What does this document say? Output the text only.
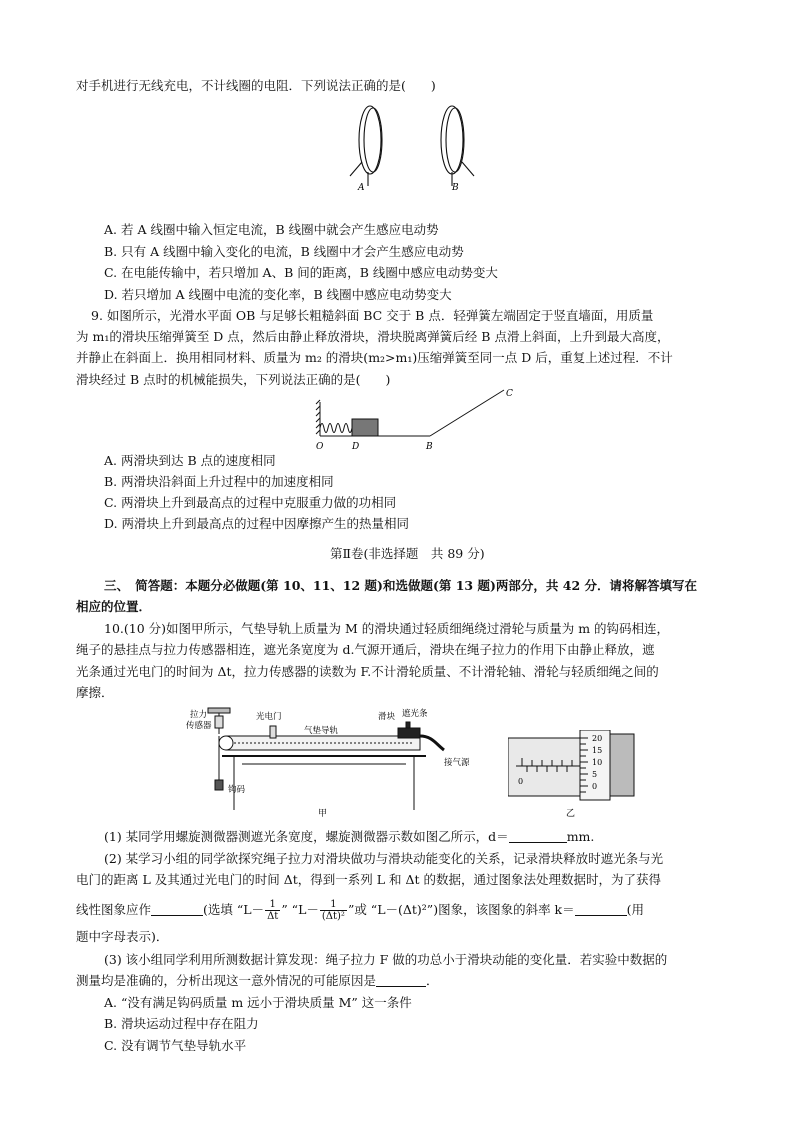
对手机进行无线充电，不计线圈的电阻．下列说法正确的是(　　)
A	B
A. 若 A 线圈中输入恒定电流，B 线圈中就会产生感应电动势
B. 只有 A 线圈中输入变化的电流，B 线圈中才会产生感应电动势
C. 在电能传输中，若只增加 A、B 间的距离，B 线圈中感应电动势变大
D. 若只增加 A 线圈中电流的变化率，B 线圈中感应电动势变大
9. 如图所示，光滑水平面 OB 与足够长粗糙斜面 BC 交于 B 点．轻弹簧左端固定于竖直墙面，用质量
为 m₁的滑块压缩弹簧至 D 点，然后由静止释放滑块，滑块脱离弹簧后经 B 点滑上斜面，上升到最大高度，
并静止在斜面上．换用相同材料、质量为 m₂ 的滑块(m₂>m₁)压缩弹簧至同一点 D 后，重复上述过程．不计
滑块经过 B 点时的机械能损失，下列说法正确的是(　　)
O	D	B
C
A. 两滑块到达 B 点的速度相同
B. 两滑块沿斜面上升过程中的加速度相同
C. 两滑块上升到最高点的过程中克服重力做的功相同
D. 两滑块上升到最高点的过程中因摩擦产生的热量相同
第Ⅱ卷(非选择题　共 89 分)
三、　简答题：本题分必做题(第 10、11、12 题)和选做题(第 13 题)两部分，共 42 分．请将解答填写在
相应的位置．
10.(10 分)如图甲所示，气垫导轨上质量为 M 的滑块通过轻质细绳绕过滑轮与质量为 m 的钩码相连，
绳子的悬挂点与拉力传感器相连，遮光条宽度为 d.气源开通后，滑块在绳子拉力的作用下由静止释放，遮
光条通过光电门的时间为 Δt，拉力传感器的读数为 F.不计滑轮质量、不计滑轮轴、滑轮与轻质细绳之间的
摩擦．
拉力
传感器
光电门
气垫导轨
滑块 遮光条
接气源
钩码
甲
20
15
10
5
0
0
乙
(1) 某同学用螺旋测微器测遮光条宽度，螺旋测微器示数如图乙所示，d＝	mm.
(2) 某学习小组的同学欲探究绳子拉力对滑块做功与滑块动能变化的关系，记录滑块释放时遮光条与光
电门的距离 L 及其通过光电门的时间 Δt，得到一系列 L 和 Δt 的数据，通过图象法处理数据时，为了获得
线性图象应作	(选填 “$L- \frac{1}{\Delta t}$ ” “$L- \frac{1}{\text{(Δt)²}}$ ”或 “L－(Δt)²”)图象，该图象的斜率 k＝	(用
题中字母表示)．
(3) 该小组同学利用所测数据计算发现：绳子拉力 F 做的功总小于滑块动能的变化量．若实验中数据的
测量均是准确的，分析出现这一意外情况的可能原因是	．
A. “没有满足钩码质量 m 远小于滑块质量 M” 这一条件
B. 滑块运动过程中存在阻力
C. 没有调节气垫导轨水平
